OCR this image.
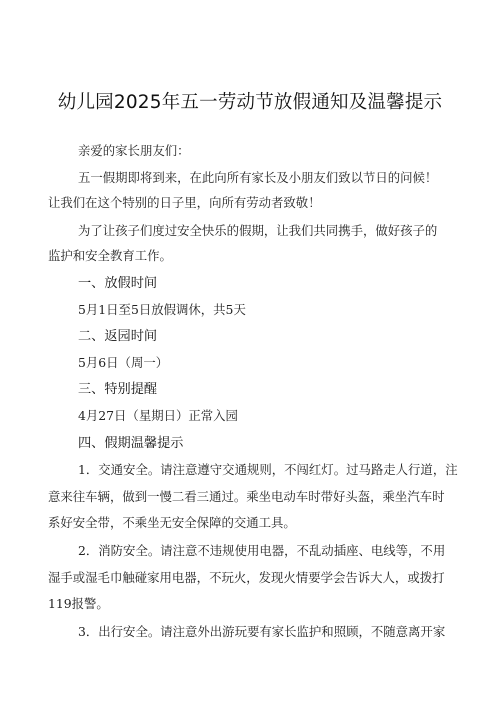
幼儿园2025年五一劳动节放假通知及温馨提示
亲爱的家长朋友们：
五一假期即将到来，在此向所有家长及小朋友们致以节日的问候！
让我们在这个特别的日子里，向所有劳动者致敬！
为了让孩子们度过安全快乐的假期，让我们共同携手，做好孩子的
监护和安全教育工作。
一、放假时间
5月1日至5日放假调休，共5天
二、返园时间
5月6日（周一）
三、特别提醒
4月27日（星期日）正常入园
四、假期温馨提示
1．交通安全。请注意遵守交通规则，不闯红灯。过马路走人行道，注
意来往车辆，做到一慢二看三通过。乘坐电动车时带好头盔，乘坐汽车时
系好安全带，不乘坐无安全保障的交通工具。
2．消防安全。请注意不违规使用电器，不乱动插座、电线等，不用
湿手或湿毛巾触碰家用电器，不玩火，发现火情要学会告诉大人，或拨打
119报警。
3．出行安全。请注意外出游玩要有家长监护和照顾，不随意离开家
